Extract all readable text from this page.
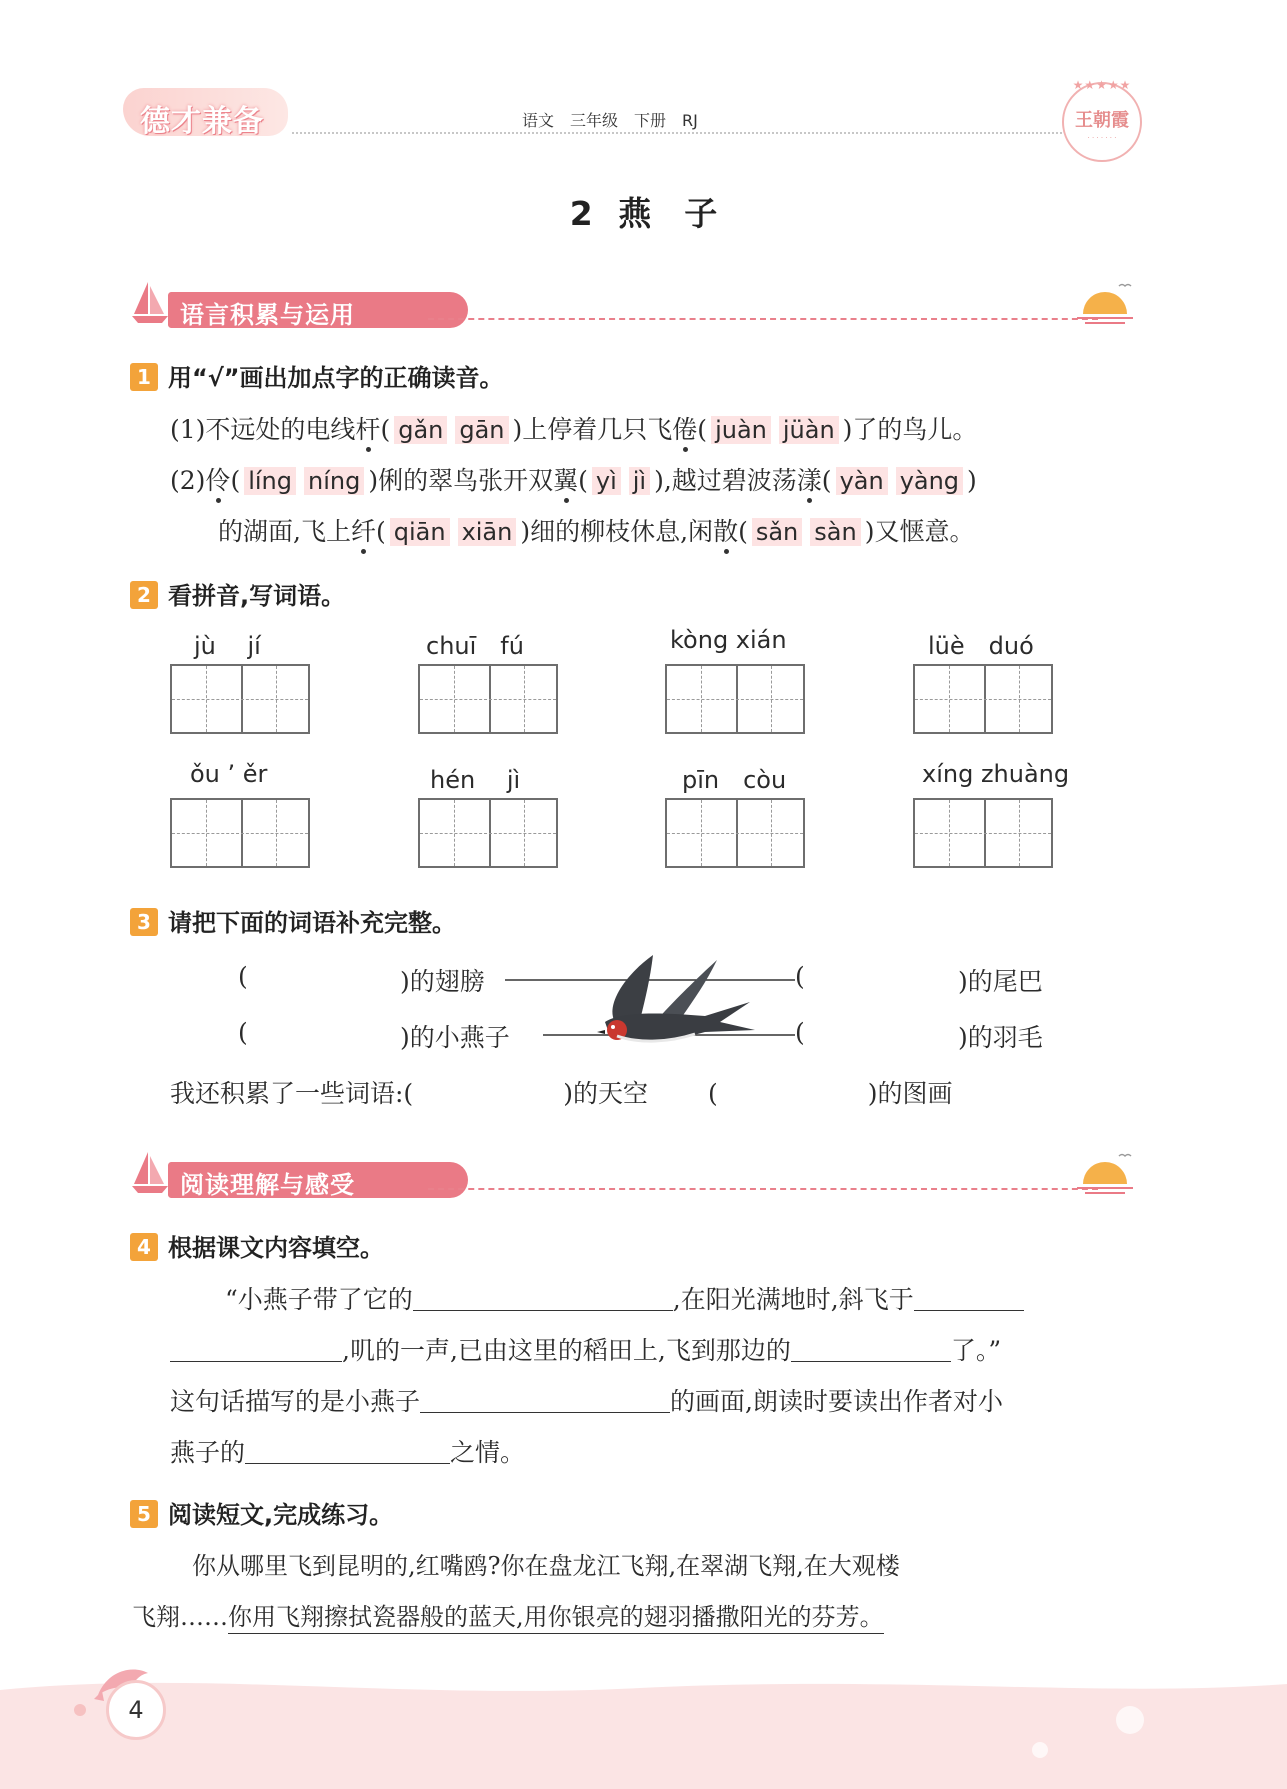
德才兼备	语文　三年级　下册　RJ
★★★★★
王朝霞
· · · · · · ·
2 燕　子
语言积累与运用
1 用“√”画出加点字的正确读音。
(1)不远处的电线杆( gǎn gān )上停着几只飞倦( juàn jüàn )了的鸟儿。
(2)伶( líng níng )俐的翠鸟张开双翼( yì jì ),越过碧波荡漾( yàn yàng )
的湖面,飞上纤( qiān xiān )细的柳枝休息,闲散( sǎn sàn )又惬意。
2 看拼音,写词语。
jù　 jí	chuī　fú	kòng xián	lüè　duó
ǒu ’ ěr	hén　 jì	pīn　còu	xíng zhuàng
3 请把下面的词语补充完整。
(	)的翅膀
(	)的小燕子
(	)的尾巴
(	)的羽毛
我还积累了一些词语:(	)的天空 (	)的图画
阅读理解与感受
4 根据课文内容填空。
“小燕子带了它的	,在阳光满地时,斜飞于
,叽的一声,已由这里的稻田上,飞到那边的	了。”
这句话描写的是小燕子	的画面,朗读时要读出作者对小
燕子的	之情。
5 阅读短文,完成练习。
你从哪里飞到昆明的,红嘴鸥?你在盘龙江飞翔,在翠湖飞翔,在大观楼
飞翔……你用飞翔擦拭瓷器般的蓝天,用你银亮的翅羽播撒阳光的芬芳。
4
